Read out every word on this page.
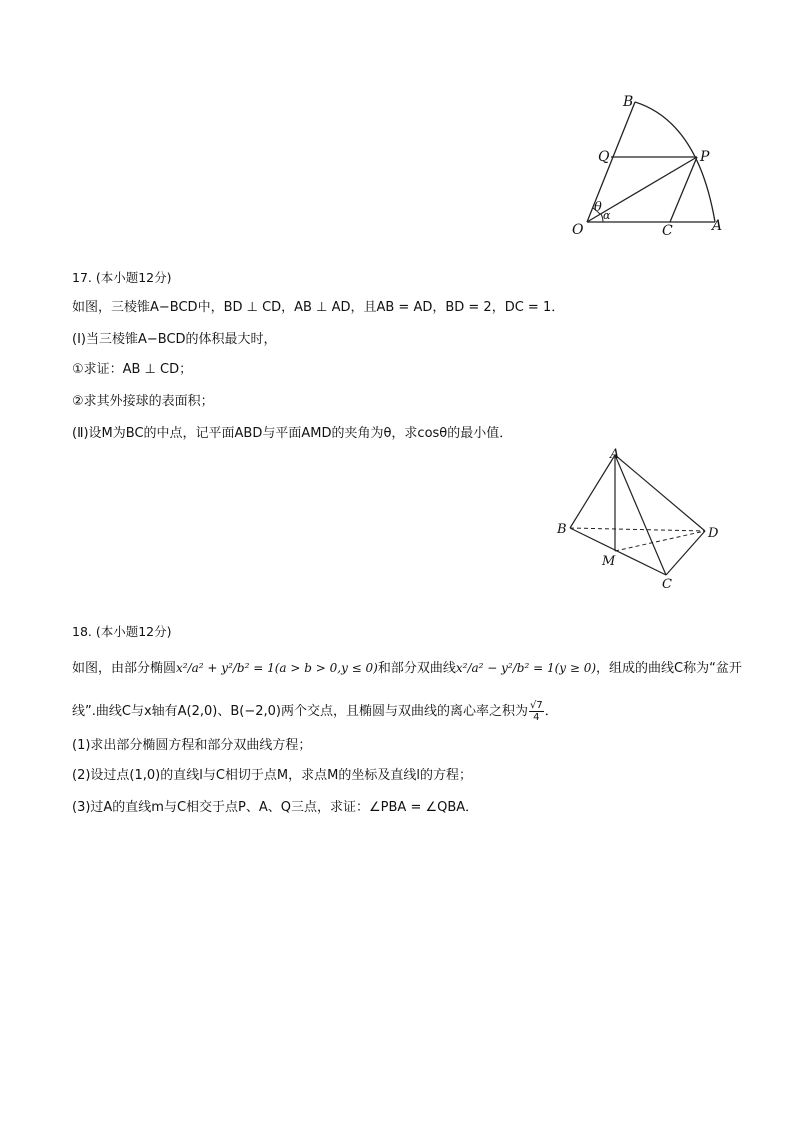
B
Q	P
O	C	A
θ
α
17. (本小题12分)
如图，三棱锥A−BCD中，BD ⊥ CD，AB ⊥ AD，且AB = AD，BD = 2，DC = 1．
(Ⅰ)当三棱锥A−BCD的体积最大时，
①求证：AB ⊥ CD；
②求其外接球的表面积；
(Ⅱ)设M为BC的中点，记平面ABD与平面AMD的夹角为θ，求cosθ的最小值．
A
B	D
M
C
18. (本小题12分)
如图，由部分椭圆x²/a² + y²/b² = 1(a > b > 0,y ≤ 0)和部分双曲线x²/a² − y²/b² = 1(y ≥ 0)，组成的曲线C称为“盆开
线”.曲线C与x轴有A(2,0)、B(−2,0)两个交点，且椭圆与双曲线的离心率之积为 $\frac{√7}{4}$ ．
(1)求出部分椭圆方程和部分双曲线方程；
(2)设过点(1,0)的直线l与C相切于点M，求点M的坐标及直线l的方程；
(3)过A的直线m与C相交于点P、A、Q三点，求证：∠PBA = ∠QBA．
